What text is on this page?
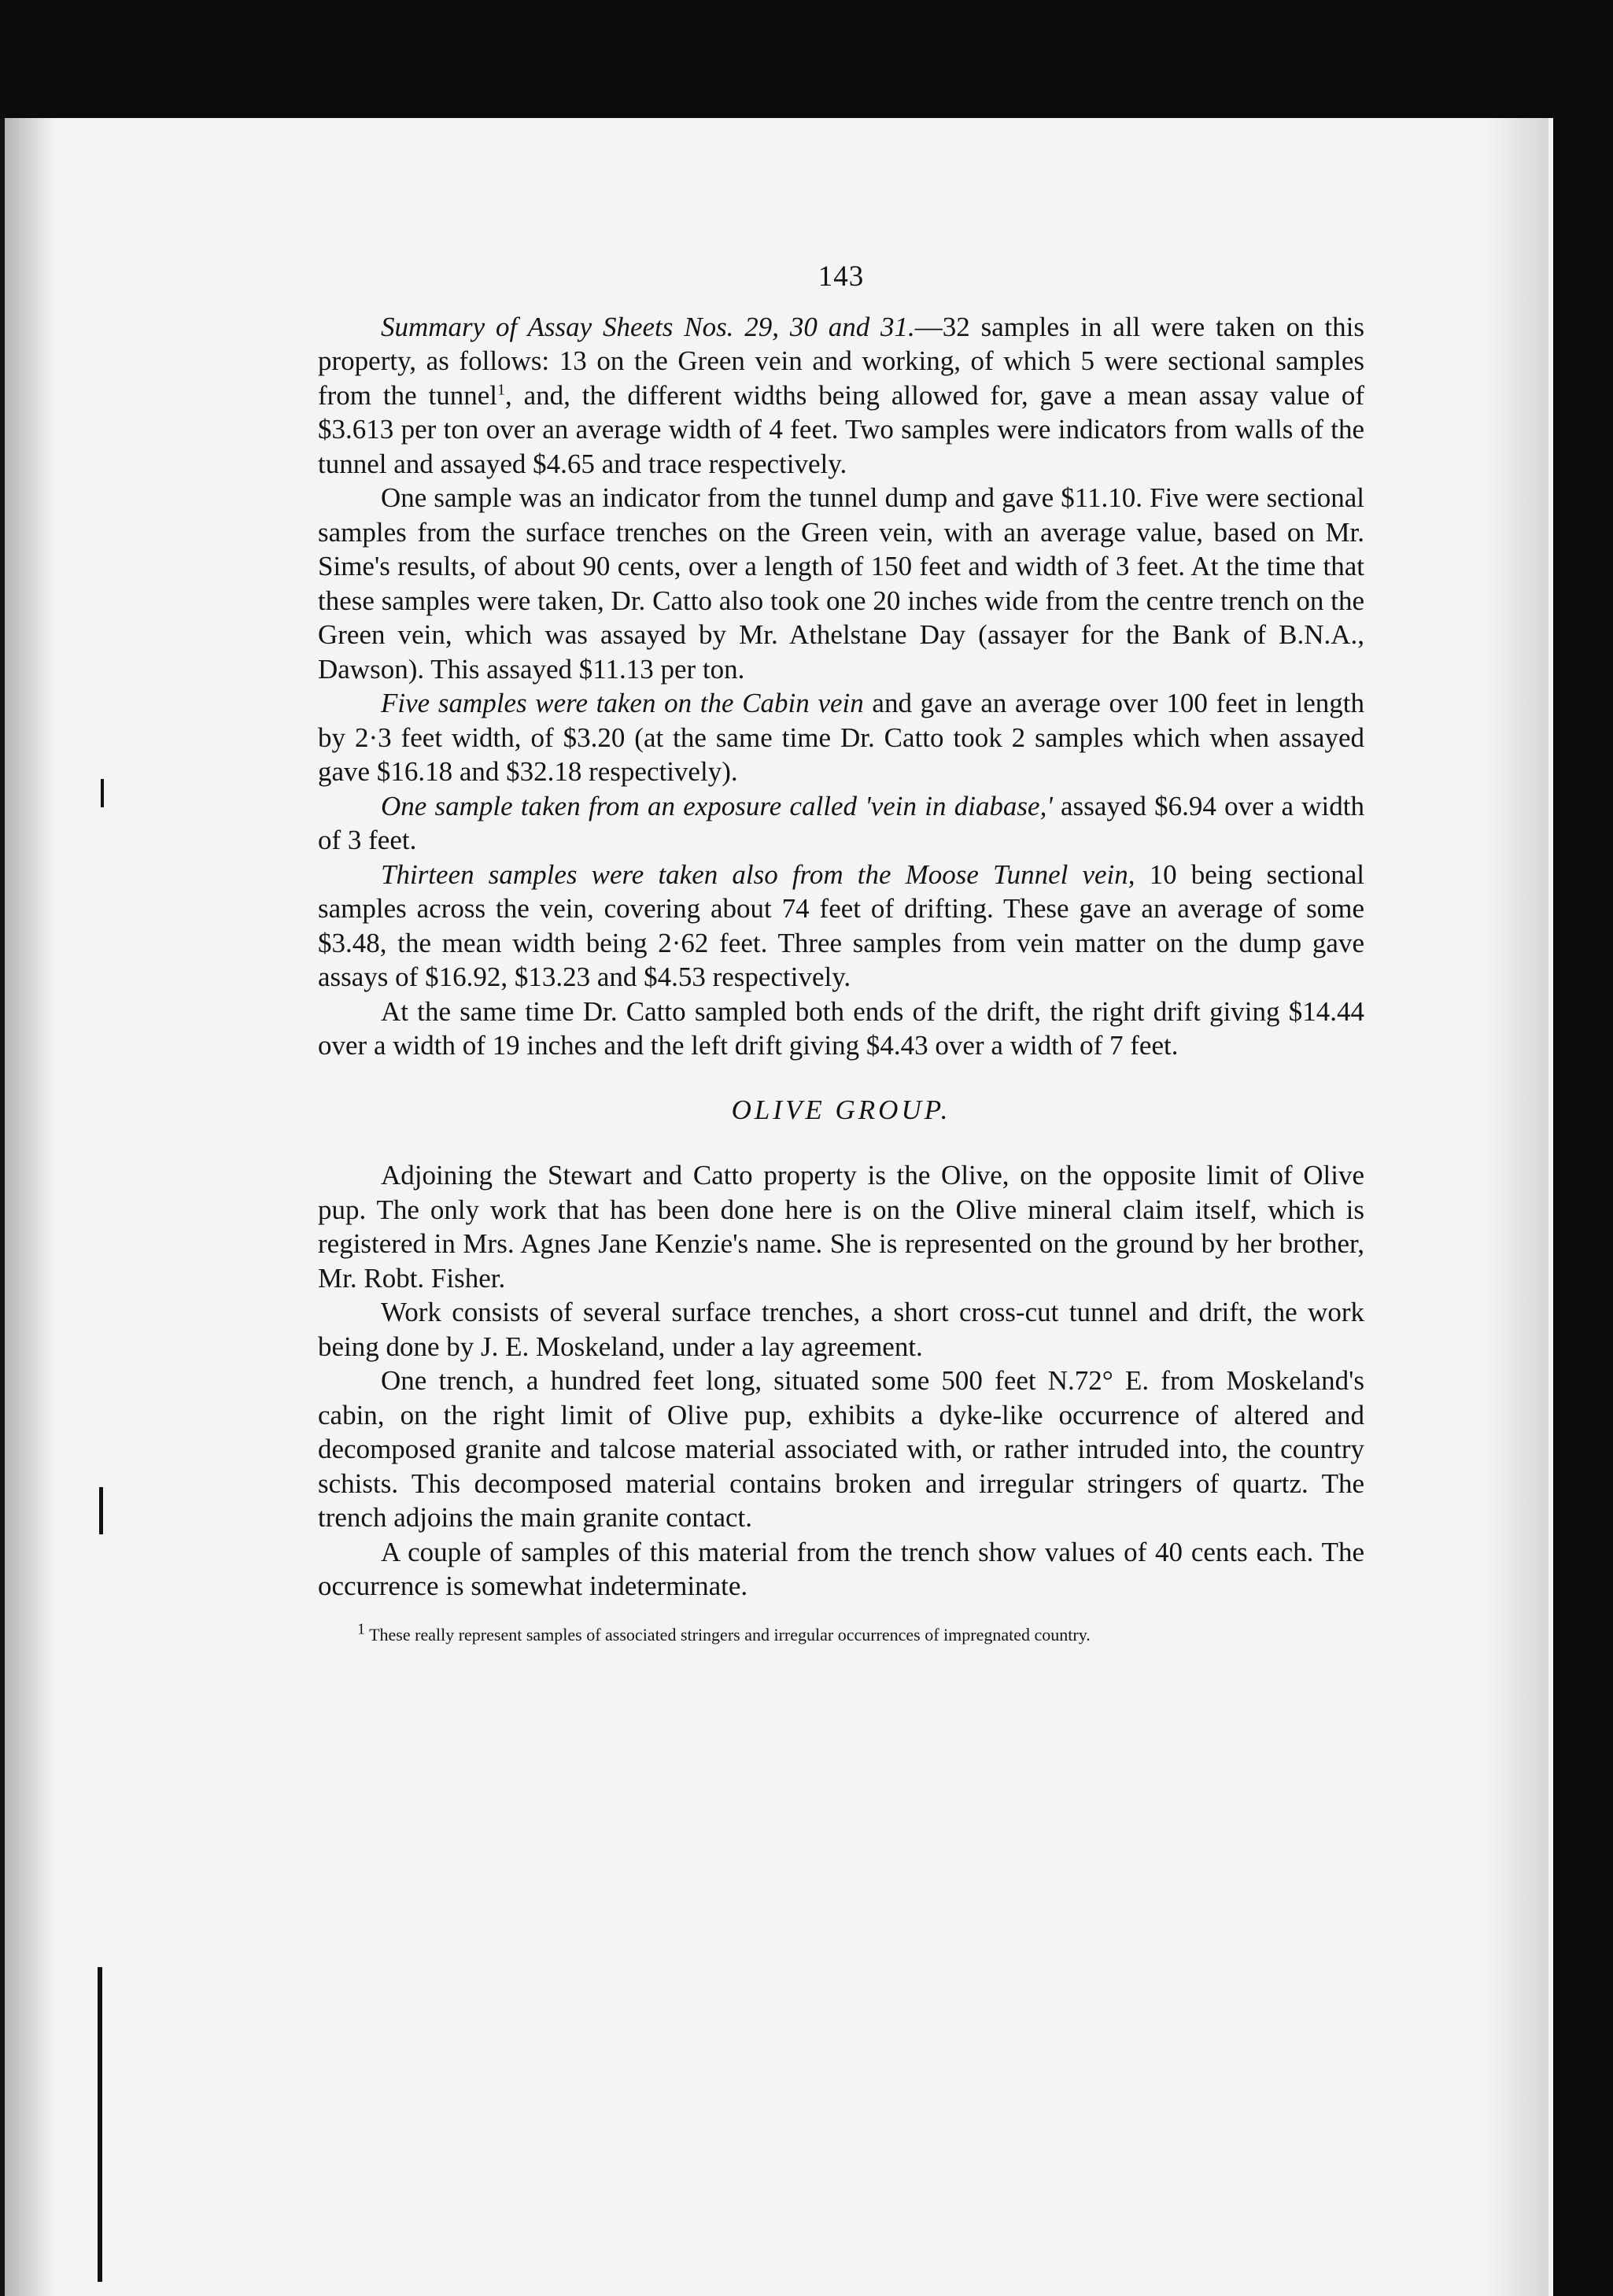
143

Summary of Assay Sheets Nos. 29, 30 and 31.—32 samples in all were taken on this property, as follows: 13 on the Green vein and working, of which 5 were sectional samples from the tunnel$^1$, and, the different widths being allowed for, gave a mean assay value of $3.613 per ton over an average width of 4 feet. Two samples were indicators from walls of the tunnel and assayed $4.65 and trace respectively.

One sample was an indicator from the tunnel dump and gave $11.10. Five were sectional samples from the surface trenches on the Green vein, with an average value, based on Mr. Sime's results, of about 90 cents, over a length of 150 feet and width of 3 feet. At the time that these samples were taken, Dr. Catto also took one 20 inches wide from the centre trench on the Green vein, which was assayed by Mr. Athelstane Day (assayer for the Bank of B.N.A., Dawson). This assayed $11.13 per ton.

Five samples were taken on the Cabin vein and gave an average over 100 feet in length by 2·3 feet width, of $3.20 (at the same time Dr. Catto took 2 samples which when assayed gave $16.18 and $32.18 respectively).

One sample taken from an exposure called 'vein in diabase,' assayed $6.94 over a width of 3 feet.

Thirteen samples were taken also from the Moose Tunnel vein, 10 being sectional samples across the vein, covering about 74 feet of drifting. These gave an average of some $3.48, the mean width being 2·62 feet. Three samples from vein matter on the dump gave assays of $16.92, $13.23 and $4.53 respectively.

At the same time Dr. Catto sampled both ends of the drift, the right drift giving $14.44 over a width of 19 inches and the left drift giving $4.43 over a width of 7 feet.

OLIVE GROUP.

Adjoining the Stewart and Catto property is the Olive, on the opposite limit of Olive pup. The only work that has been done here is on the Olive mineral claim itself, which is registered in Mrs. Agnes Jane Kenzie's name. She is represented on the ground by her brother, Mr. Robt. Fisher.

Work consists of several surface trenches, a short cross-cut tunnel and drift, the work being done by J. E. Moskeland, under a lay agreement.

One trench, a hundred feet long, situated some 500 feet N.72° E. from Moskeland's cabin, on the right limit of Olive pup, exhibits a dyke-like occurrence of altered and decomposed granite and talcose material associated with, or rather intruded into, the country schists. This decomposed material contains broken and irregular stringers of quartz. The trench adjoins the main granite contact.

A couple of samples of this material from the trench show values of 40 cents each. The occurrence is somewhat indeterminate.

$^1$ These really represent samples of associated stringers and irregular occurrences of impregnated country.
